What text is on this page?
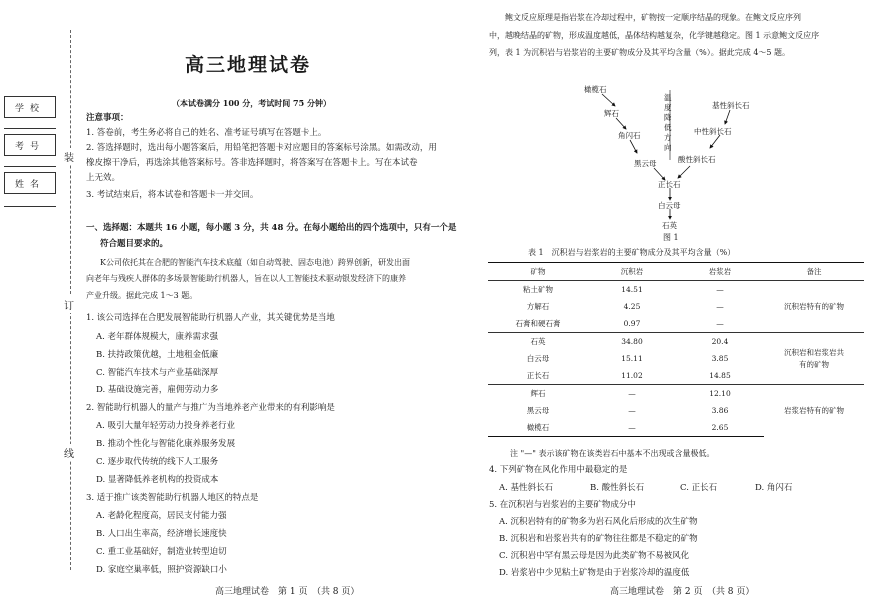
装
订
线
学校
考号
姓名
高三地理试卷
（本试卷满分 100 分，考试时间 75 分钟）
注意事项：
1. 答卷前，考生务必将自己的姓名、准考证号填写在答题卡上。
2. 答选择题时，选出每小题答案后，用铅笔把答题卡对应题目的答案标号涂黑。如需改动，用
橡皮擦干净后，再选涂其他答案标号。答非选择题时，将答案写在答题卡上。写在本试卷
上无效。
3. 考试结束后，将本试卷和答题卡一并交回。
一、选择题：本题共 16 小题，每小题 3 分，共 48 分。在每小题给出的四个选项中，只有一个是
符合题目要求的。
K公司依托其在合肥的智能汽车技术底蕴（如自动驾驶、固态电池）跨界创新，研发出面
向老年与残疾人群体的多场景智能助行机器人，旨在以人工智能技术驱动银发经济下的康养
产业升级。据此完成 1～3 题。
1. 该公司选择在合肥发展智能助行机器人产业，其关键优势是当地
A. 老年群体规模大，康养需求强
B. 扶持政策优越，土地租金低廉
C. 智能汽车技术与产业基础深厚
D. 基础设施完善，雇佣劳动力多
2. 智能助行机器人的量产与推广为当地养老产业带来的有利影响是
A. 吸引大量年轻劳动力投身养老行业
B. 推动个性化与智能化康养服务发展
C. 逐步取代传统的线下人工服务
D. 显著降低养老机构的投资成本
3. 适于推广该类智能助行机器人地区的特点是
A. 老龄化程度高，居民支付能力强
B. 人口出生率高，经济增长速度快
C. 重工业基础好，制造业转型迫切
D. 家庭空巢率低，照护资源缺口小
高三地理试卷　第 1 页　（共 8 页）
鲍文反应原理是指岩浆在冷却过程中，矿物按一定顺序结晶的现象。在鲍文反应序列
中，越晚结晶的矿物，形成温度越低，晶体结构越复杂，化学键越稳定。图 1 示意鲍文反应序
列，表 1 为沉积岩与岩浆岩的主要矿物成分及其平均含量（%）。据此完成 4～5 题。
橄榄石
辉石
角闪石
黑云母
基性斜长石
中性斜长石
酸性斜长石
正长石
白云母
石英
温
度
降
低
方
向
图 1
表 1　沉积岩与岩浆岩的主要矿物成分及其平均含量（%）
矿物	沉积岩	岩浆岩	备注
粘土矿物	14.51	—	沉积岩特有的矿物
方解石	4.25	—	
石膏和硬石膏	0.97	—	
石英	34.80	20.4	沉积岩和岩浆岩共有的矿物
白云母	15.11	3.85	
正长石	11.02	14.85	
辉石	—	12.10	岩浆岩特有的矿物
黑云母	—	3.86	
橄榄石	—	2.65	
注 "—" 表示该矿物在该类岩石中基本不出现或含量极低。
4. 下列矿物在风化作用中最稳定的是
A. 基性斜长石	B. 酸性斜长石	C. 正长石	D. 角闪石
5. 在沉积岩与岩浆岩的主要矿物成分中
A. 沉积岩特有的矿物多为岩石风化后形成的次生矿物
B. 沉积岩和岩浆岩共有的矿物往往都是不稳定的矿物
C. 沉积岩中罕有黑云母是因为此类矿物不易被风化
D. 岩浆岩中少见粘土矿物是由于岩浆冷却的温度低
高三地理试卷　第 2 页　（共 8 页）
